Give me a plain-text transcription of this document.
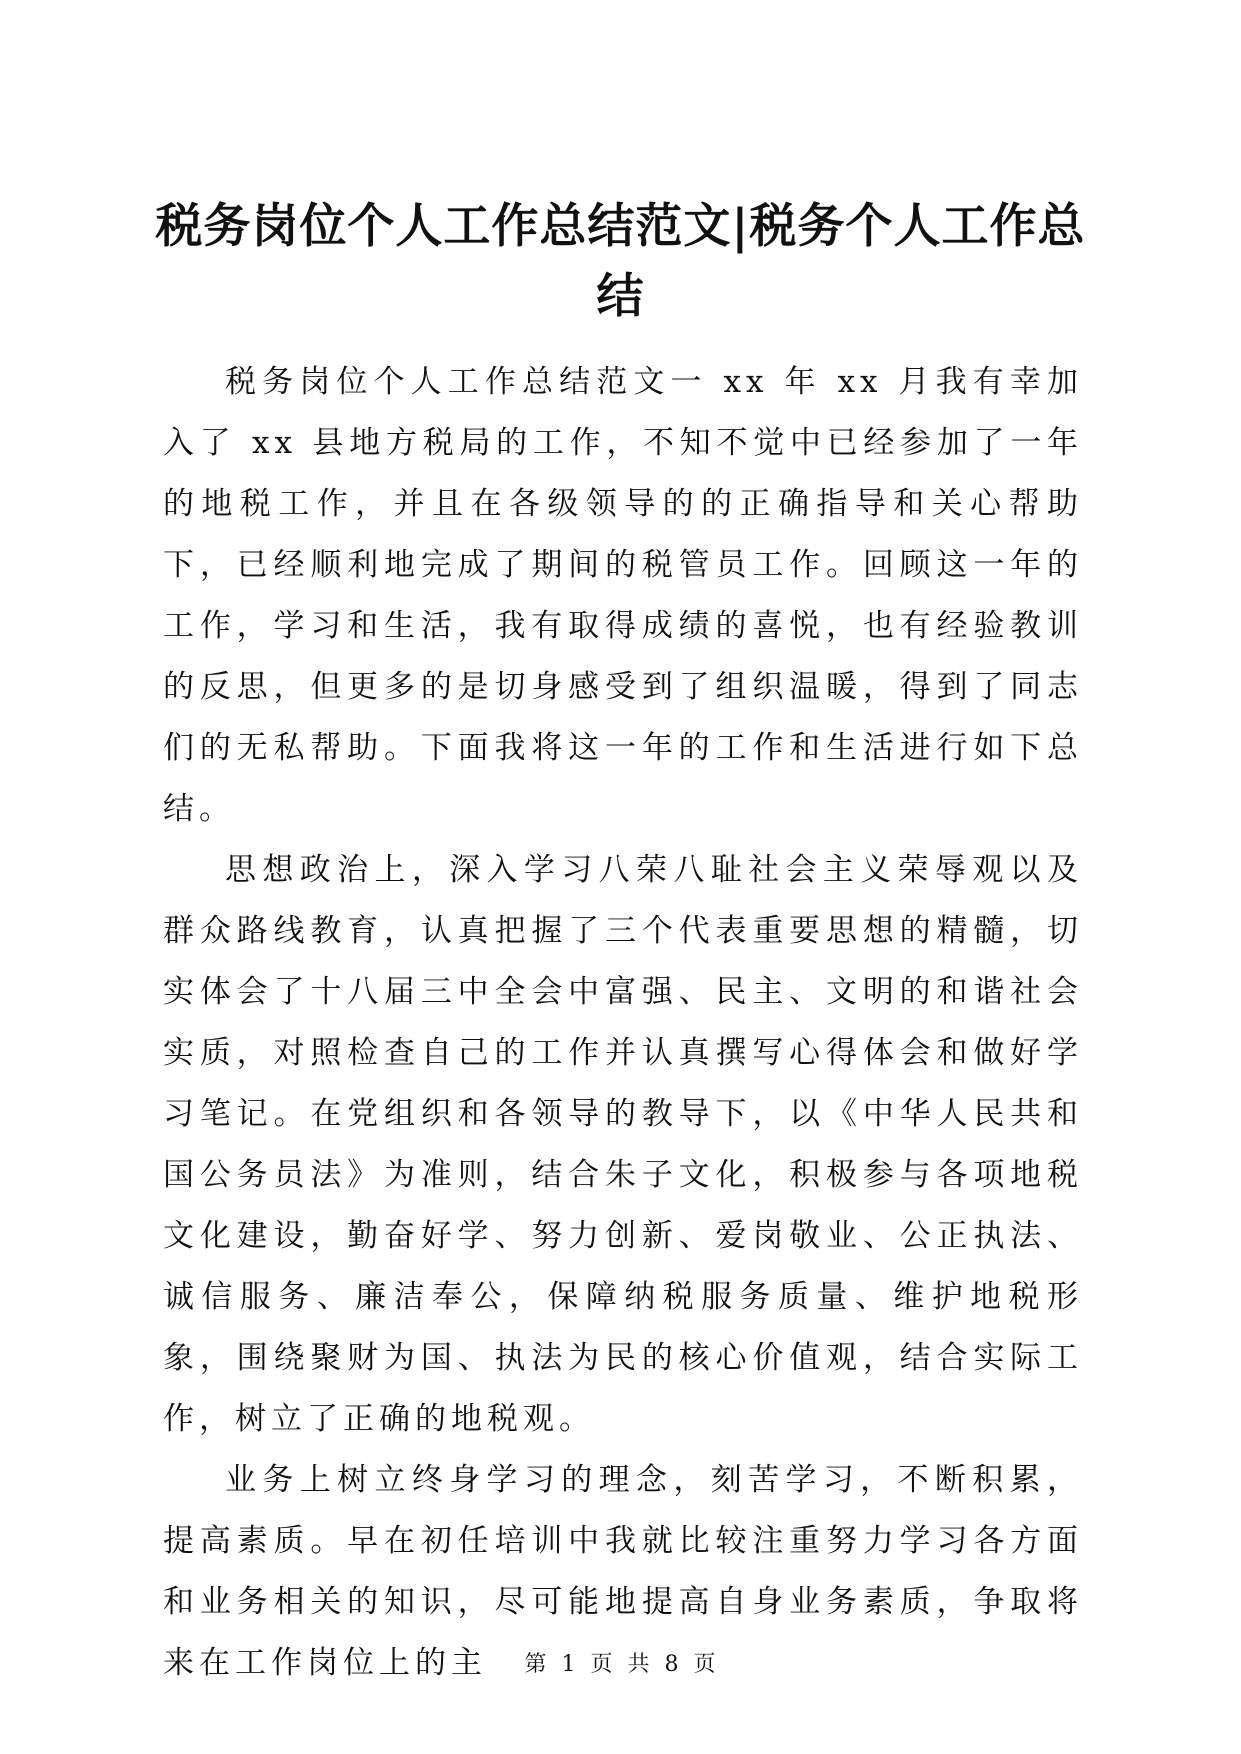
税务岗位个人工作总结范文|税务个人工作总结

税务岗位个人工作总结范文一 xx 年 xx 月我有幸加入了 xx 县地方税局的工作，不知不觉中已经参加了一年的地税工作，并且在各级领导的的正确指导和关心帮助下，已经顺利地完成了期间的税管员工作。回顾这一年的工作，学习和生活，我有取得成绩的喜悦，也有经验教训的反思，但更多的是切身感受到了组织温暖，得到了同志们的无私帮助。下面我将这一年的工作和生活进行如下总结。

思想政治上，深入学习八荣八耻社会主义荣辱观以及群众路线教育，认真把握了三个代表重要思想的精髓，切实体会了十八届三中全会中富强、民主、文明的和谐社会实质，对照检查自己的工作并认真撰写心得体会和做好学习笔记。在党组织和各领导的教导下，以《中华人民共和国公务员法》为准则，结合朱子文化，积极参与各项地税文化建设，勤奋好学、努力创新、爱岗敬业、公正执法、诚信服务、廉洁奉公，保障纳税服务质量、维护地税形象，围绕聚财为国、执法为民的核心价值观，结合实际工作，树立了正确的地税观。

业务上树立终身学习的理念，刻苦学习，不断积累，提高素质。早在初任培训中我就比较注重努力学习各方面和业务相关的知识，尽可能地提高自身业务素质，争取将来在工作岗位上的主	第 1 页 共 8 页
